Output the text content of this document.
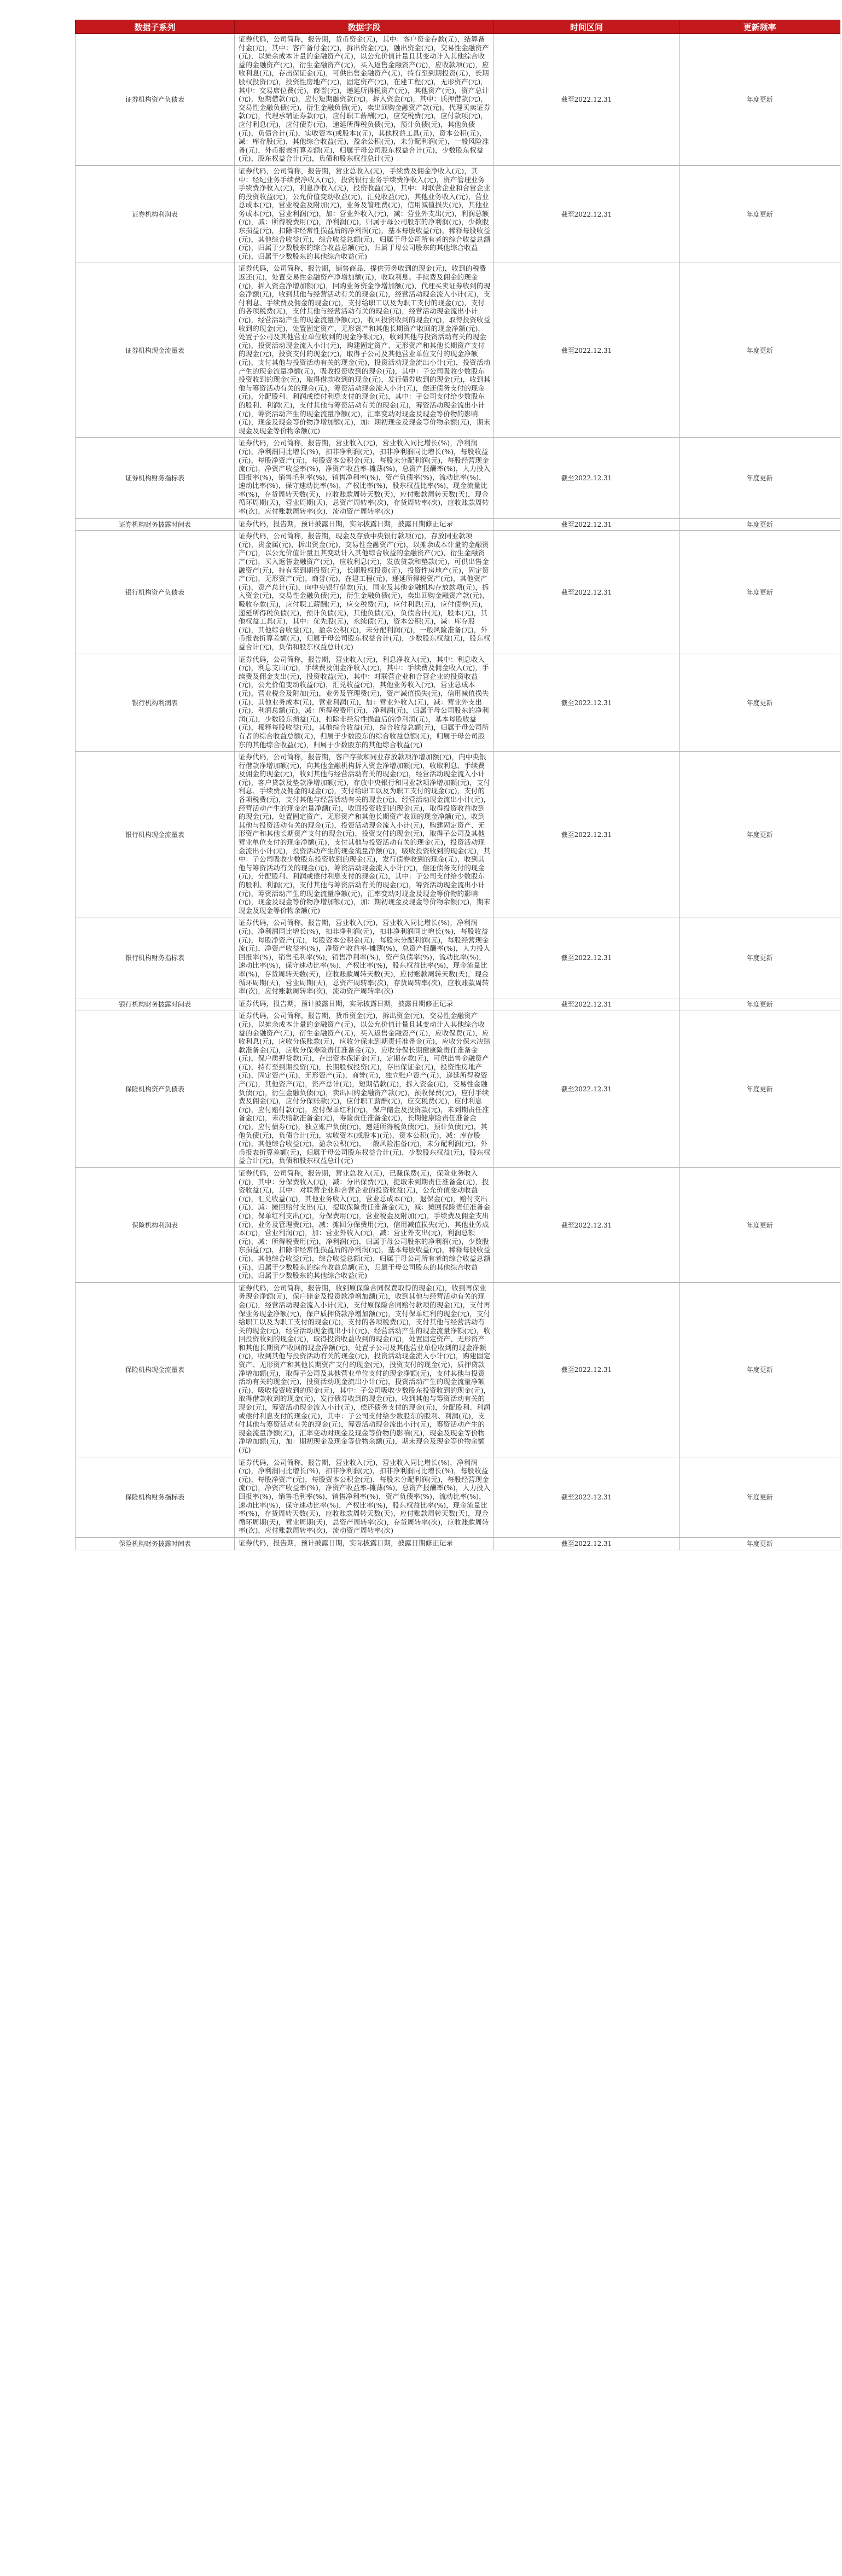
数据子系列	数据字段	时间区间	更新频率
证券机构资产负债表	证券代码，公司简称，报告期，货币资金(元)，其中：客户资金存款(元)，结算备付金(元)，其中：客户备付金(元)，拆出资金(元)，融出资金(元)，交易性金融资产(元)，以摊余成本计量的金融资产(元)，以公允价值计量且其变动计入其他综合收益的金融资产(元)，衍生金融资产(元)，买入返售金融资产(元)，应收款项(元)，应收利息(元)，存出保证金(元)，可供出售金融资产(元)，持有至到期投资(元)，长期股权投资(元)，投资性房地产(元)，固定资产(元)，在建工程(元)，无形资产(元)，其中：交易席位费(元)，商誉(元)，递延所得税资产(元)，其他资产(元)，资产总计(元)，短期借款(元)，应付短期融资款(元)，拆入资金(元)，其中：质押借款(元)，交易性金融负债(元)，衍生金融负债(元)，卖出回购金融资产款(元)，代理买卖证券款(元)，代理承销证券款(元)，应付职工薪酬(元)，应交税费(元)，应付款项(元)，应付利息(元)，应付债券(元)，递延所得税负债(元)，预计负债(元)，其他负债(元)，负债合计(元)，实收资本(或股本)(元)，其他权益工具(元)，资本公积(元)，减：库存股(元)，其他综合收益(元)，盈余公积(元)，未分配利润(元)，一般风险准备(元)，外币报表折算差额(元)，归属于母公司股东权益合计(元)，少数股东权益(元)，股东权益合计(元)，负债和股东权益总计(元)	截至2022.12.31	年度更新
证券机构利润表	证券代码，公司简称，报告期，营业总收入(元)，手续费及佣金净收入(元)，其中：经纪业务手续费净收入(元)，投资银行业务手续费净收入(元)，资产管理业务手续费净收入(元)，利息净收入(元)，投资收益(元)，其中：对联营企业和合营企业的投资收益(元)，公允价值变动收益(元)，汇兑收益(元)，其他业务收入(元)，营业总成本(元)，营业税金及附加(元)，业务及管理费(元)，信用减值损失(元)，其他业务成本(元)，营业利润(元)，加：营业外收入(元)，减：营业外支出(元)，利润总额(元)，减：所得税费用(元)，净利润(元)，归属于母公司股东的净利润(元)，少数股东损益(元)，扣除非经常性损益后的净利润(元)，基本每股收益(元)，稀释每股收益(元)，其他综合收益(元)，综合收益总额(元)，归属于母公司所有者的综合收益总额(元)，归属于少数股东的综合收益总额(元)，归属于母公司股东的其他综合收益(元)，归属于少数股东的其他综合收益(元)	截至2022.12.31	年度更新
证券机构现金流量表	证券代码，公司简称，报告期，销售商品、提供劳务收到的现金(元)，收到的税费返还(元)，处置交易性金融资产净增加额(元)，收取利息、手续费及佣金的现金(元)，拆入资金净增加额(元)，回购业务资金净增加额(元)，代理买卖证券收到的现金净额(元)，收到其他与经营活动有关的现金(元)，经营活动现金流入小计(元)，支付利息、手续费及佣金的现金(元)，支付给职工以及为职工支付的现金(元)，支付的各项税费(元)，支付其他与经营活动有关的现金(元)，经营活动现金流出小计(元)，经营活动产生的现金流量净额(元)，收回投资收到的现金(元)，取得投资收益收到的现金(元)，处置固定资产、无形资产和其他长期资产收回的现金净额(元)，处置子公司及其他营业单位收到的现金净额(元)，收到其他与投资活动有关的现金(元)，投资活动现金流入小计(元)，购建固定资产、无形资产和其他长期资产支付的现金(元)，投资支付的现金(元)，取得子公司及其他营业单位支付的现金净额(元)，支付其他与投资活动有关的现金(元)，投资活动现金流出小计(元)，投资活动产生的现金流量净额(元)，吸收投资收到的现金(元)，其中：子公司吸收少数股东投资收到的现金(元)，取得借款收到的现金(元)，发行债券收到的现金(元)，收到其他与筹资活动有关的现金(元)，筹资活动现金流入小计(元)，偿还债务支付的现金(元)，分配股利、利润或偿付利息支付的现金(元)，其中：子公司支付给少数股东的股利、利润(元)，支付其他与筹资活动有关的现金(元)，筹资活动现金流出小计(元)，筹资活动产生的现金流量净额(元)，汇率变动对现金及现金等价物的影响(元)，现金及现金等价物净增加额(元)，加：期初现金及现金等价物余额(元)，期末现金及现金等价物余额(元)	截至2022.12.31	年度更新
证券机构财务指标表	证券代码，公司简称，报告期，营业收入(元)，营业收入同比增长(%)，净利润(元)，净利润同比增长(%)，扣非净利润(元)，扣非净利润同比增长(%)，每股收益(元)，每股净资产(元)，每股资本公积金(元)，每股未分配利润(元)，每股经营现金流(元)，净资产收益率(%)，净资产收益率-摊薄(%)，总资产报酬率(%)，人力投入回报率(%)，销售毛利率(%)，销售净利率(%)，资产负债率(%)，流动比率(%)，速动比率(%)，保守速动比率(%)，产权比率(%)，股东权益比率(%)，现金流量比率(%)，存货周转天数(天)，应收账款周转天数(天)，应付账款周转天数(天)，现金循环周期(天)，营业周期(天)，总资产周转率(次)，存货周转率(次)，应收账款周转率(次)，应付账款周转率(次)，流动资产周转率(次)	截至2022.12.31	年度更新
证券机构财务披露时间表	证券代码，报告期，预计披露日期，实际披露日期，披露日期修正记录	截至2022.12.31	年度更新
银行机构资产负债表	证券代码，公司简称，报告期，现金及存放中央银行款项(元)，存放同业款项(元)，贵金属(元)，拆出资金(元)，交易性金融资产(元)，以摊余成本计量的金融资产(元)，以公允价值计量且其变动计入其他综合收益的金融资产(元)，衍生金融资产(元)，买入返售金融资产(元)，应收利息(元)，发放贷款和垫款(元)，可供出售金融资产(元)，持有至到期投资(元)，长期股权投资(元)，投资性房地产(元)，固定资产(元)，无形资产(元)，商誉(元)，在建工程(元)，递延所得税资产(元)，其他资产(元)，资产总计(元)，向中央银行借款(元)，同业及其他金融机构存放款项(元)，拆入资金(元)，交易性金融负债(元)，衍生金融负债(元)，卖出回购金融资产款(元)，吸收存款(元)，应付职工薪酬(元)，应交税费(元)，应付利息(元)，应付债券(元)，递延所得税负债(元)，预计负债(元)，其他负债(元)，负债合计(元)，股本(元)，其他权益工具(元)，其中：优先股(元)，永续债(元)，资本公积(元)，减：库存股(元)，其他综合收益(元)，盈余公积(元)，未分配利润(元)，一般风险准备(元)，外币报表折算差额(元)，归属于母公司股东权益合计(元)，少数股东权益(元)，股东权益合计(元)，负债和股东权益总计(元)	截至2022.12.31	年度更新
银行机构利润表	证券代码，公司简称，报告期，营业收入(元)，利息净收入(元)，其中：利息收入(元)，利息支出(元)，手续费及佣金净收入(元)，其中：手续费及佣金收入(元)，手续费及佣金支出(元)，投资收益(元)，其中：对联营企业和合营企业的投资收益(元)，公允价值变动收益(元)，汇兑收益(元)，其他业务收入(元)，营业总成本(元)，营业税金及附加(元)，业务及管理费(元)，资产减值损失(元)，信用减值损失(元)，其他业务成本(元)，营业利润(元)，加：营业外收入(元)，减：营业外支出(元)，利润总额(元)，减：所得税费用(元)，净利润(元)，归属于母公司股东的净利润(元)，少数股东损益(元)，扣除非经常性损益后的净利润(元)，基本每股收益(元)，稀释每股收益(元)，其他综合收益(元)，综合收益总额(元)，归属于母公司所有者的综合收益总额(元)，归属于少数股东的综合收益总额(元)，归属于母公司股东的其他综合收益(元)，归属于少数股东的其他综合收益(元)	截至2022.12.31	年度更新
银行机构现金流量表	证券代码，公司简称，报告期，客户存款和同业存放款项净增加额(元)，向中央银行借款净增加额(元)，向其他金融机构拆入资金净增加额(元)，收取利息、手续费及佣金的现金(元)，收到其他与经营活动有关的现金(元)，经营活动现金流入小计(元)，客户贷款及垫款净增加额(元)，存放中央银行和同业款项净增加额(元)，支付利息、手续费及佣金的现金(元)，支付给职工以及为职工支付的现金(元)，支付的各项税费(元)，支付其他与经营活动有关的现金(元)，经营活动现金流出小计(元)，经营活动产生的现金流量净额(元)，收回投资收到的现金(元)，取得投资收益收到的现金(元)，处置固定资产、无形资产和其他长期资产收回的现金净额(元)，收到其他与投资活动有关的现金(元)，投资活动现金流入小计(元)，购建固定资产、无形资产和其他长期资产支付的现金(元)，投资支付的现金(元)，取得子公司及其他营业单位支付的现金净额(元)，支付其他与投资活动有关的现金(元)，投资活动现金流出小计(元)，投资活动产生的现金流量净额(元)，吸收投资收到的现金(元)，其中：子公司吸收少数股东投资收到的现金(元)，发行债券收到的现金(元)，收到其他与筹资活动有关的现金(元)，筹资活动现金流入小计(元)，偿还债务支付的现金(元)，分配股利、利润或偿付利息支付的现金(元)，其中：子公司支付给少数股东的股利、利润(元)，支付其他与筹资活动有关的现金(元)，筹资活动现金流出小计(元)，筹资活动产生的现金流量净额(元)，汇率变动对现金及现金等价物的影响(元)，现金及现金等价物净增加额(元)，加：期初现金及现金等价物余额(元)，期末现金及现金等价物余额(元)	截至2022.12.31	年度更新
银行机构财务指标表	证券代码，公司简称，报告期，营业收入(元)，营业收入同比增长(%)，净利润(元)，净利润同比增长(%)，扣非净利润(元)，扣非净利润同比增长(%)，每股收益(元)，每股净资产(元)，每股资本公积金(元)，每股未分配利润(元)，每股经营现金流(元)，净资产收益率(%)，净资产收益率-摊薄(%)，总资产报酬率(%)，人力投入回报率(%)，销售毛利率(%)，销售净利率(%)，资产负债率(%)，流动比率(%)，速动比率(%)，保守速动比率(%)，产权比率(%)，股东权益比率(%)，现金流量比率(%)，存货周转天数(天)，应收账款周转天数(天)，应付账款周转天数(天)，现金循环周期(天)，营业周期(天)，总资产周转率(次)，存货周转率(次)，应收账款周转率(次)，应付账款周转率(次)，流动资产周转率(次)	截至2022.12.31	年度更新
银行机构财务披露时间表	证券代码，报告期，预计披露日期，实际披露日期，披露日期修正记录	截至2022.12.31	年度更新
保险机构资产负债表	证券代码，公司简称，报告期，货币资金(元)，拆出资金(元)，交易性金融资产(元)，以摊余成本计量的金融资产(元)，以公允价值计量且其变动计入其他综合收益的金融资产(元)，衍生金融资产(元)，买入返售金融资产(元)，应收保费(元)，应收利息(元)，应收分保账款(元)，应收分保未到期责任准备金(元)，应收分保未决赔款准备金(元)，应收分保寿险责任准备金(元)，应收分保长期健康险责任准备金(元)，保户质押贷款(元)，存出资本保证金(元)，定期存款(元)，可供出售金融资产(元)，持有至到期投资(元)，长期股权投资(元)，存出保证金(元)，投资性房地产(元)，固定资产(元)，无形资产(元)，商誉(元)，独立账户资产(元)，递延所得税资产(元)，其他资产(元)，资产总计(元)，短期借款(元)，拆入资金(元)，交易性金融负债(元)，衍生金融负债(元)，卖出回购金融资产款(元)，预收保费(元)，应付手续费及佣金(元)，应付分保账款(元)，应付职工薪酬(元)，应交税费(元)，应付利息(元)，应付赔付款(元)，应付保单红利(元)，保户储金及投资款(元)，未到期责任准备金(元)，未决赔款准备金(元)，寿险责任准备金(元)，长期健康险责任准备金(元)，应付债券(元)，独立账户负债(元)，递延所得税负债(元)，预计负债(元)，其他负债(元)，负债合计(元)，实收资本(或股本)(元)，资本公积(元)，减：库存股(元)，其他综合收益(元)，盈余公积(元)，一般风险准备(元)，未分配利润(元)，外币报表折算差额(元)，归属于母公司股东权益合计(元)，少数股东权益(元)，股东权益合计(元)，负债和股东权益总计(元)	截至2022.12.31	年度更新
保险机构利润表	证券代码，公司简称，报告期，营业总收入(元)，已赚保费(元)，保险业务收入(元)，其中：分保费收入(元)，减：分出保费(元)，提取未到期责任准备金(元)，投资收益(元)，其中：对联营企业和合营企业的投资收益(元)，公允价值变动收益(元)，汇兑收益(元)，其他业务收入(元)，营业总成本(元)，退保金(元)，赔付支出(元)，减：摊回赔付支出(元)，提取保险责任准备金(元)，减：摊回保险责任准备金(元)，保单红利支出(元)，分保费用(元)，营业税金及附加(元)，手续费及佣金支出(元)，业务及管理费(元)，减：摊回分保费用(元)，信用减值损失(元)，其他业务成本(元)，营业利润(元)，加：营业外收入(元)，减：营业外支出(元)，利润总额(元)，减：所得税费用(元)，净利润(元)，归属于母公司股东的净利润(元)，少数股东损益(元)，扣除非经常性损益后的净利润(元)，基本每股收益(元)，稀释每股收益(元)，其他综合收益(元)，综合收益总额(元)，归属于母公司所有者的综合收益总额(元)，归属于少数股东的综合收益总额(元)，归属于母公司股东的其他综合收益(元)，归属于少数股东的其他综合收益(元)	截至2022.12.31	年度更新
保险机构现金流量表	证券代码，公司简称，报告期，收到原保险合同保费取得的现金(元)，收到再保业务现金净额(元)，保户储金及投资款净增加额(元)，收到其他与经营活动有关的现金(元)，经营活动现金流入小计(元)，支付原保险合同赔付款项的现金(元)，支付再保业务现金净额(元)，保户质押贷款净增加额(元)，支付保单红利的现金(元)，支付给职工以及为职工支付的现金(元)，支付的各项税费(元)，支付其他与经营活动有关的现金(元)，经营活动现金流出小计(元)，经营活动产生的现金流量净额(元)，收回投资收到的现金(元)，取得投资收益收到的现金(元)，处置固定资产、无形资产和其他长期资产收回的现金净额(元)，处置子公司及其他营业单位收到的现金净额(元)，收到其他与投资活动有关的现金(元)，投资活动现金流入小计(元)，购建固定资产、无形资产和其他长期资产支付的现金(元)，投资支付的现金(元)，质押贷款净增加额(元)，取得子公司及其他营业单位支付的现金净额(元)，支付其他与投资活动有关的现金(元)，投资活动现金流出小计(元)，投资活动产生的现金流量净额(元)，吸收投资收到的现金(元)，其中：子公司吸收少数股东投资收到的现金(元)，取得借款收到的现金(元)，发行债券收到的现金(元)，收到其他与筹资活动有关的现金(元)，筹资活动现金流入小计(元)，偿还债务支付的现金(元)，分配股利、利润或偿付利息支付的现金(元)，其中：子公司支付给少数股东的股利、利润(元)，支付其他与筹资活动有关的现金(元)，筹资活动现金流出小计(元)，筹资活动产生的现金流量净额(元)，汇率变动对现金及现金等价物的影响(元)，现金及现金等价物净增加额(元)，加：期初现金及现金等价物余额(元)，期末现金及现金等价物余额(元)	截至2022.12.31	年度更新
保险机构财务指标表	证券代码，公司简称，报告期，营业收入(元)，营业收入同比增长(%)，净利润(元)，净利润同比增长(%)，扣非净利润(元)，扣非净利润同比增长(%)，每股收益(元)，每股净资产(元)，每股资本公积金(元)，每股未分配利润(元)，每股经营现金流(元)，净资产收益率(%)，净资产收益率-摊薄(%)，总资产报酬率(%)，人力投入回报率(%)，销售毛利率(%)，销售净利率(%)，资产负债率(%)，流动比率(%)，速动比率(%)，保守速动比率(%)，产权比率(%)，股东权益比率(%)，现金流量比率(%)，存货周转天数(天)，应收账款周转天数(天)，应付账款周转天数(天)，现金循环周期(天)，营业周期(天)，总资产周转率(次)，存货周转率(次)，应收账款周转率(次)，应付账款周转率(次)，流动资产周转率(次)	截至2022.12.31	年度更新
保险机构财务披露时间表	证券代码，报告期，预计披露日期，实际披露日期，披露日期修正记录	截至2022.12.31	年度更新
